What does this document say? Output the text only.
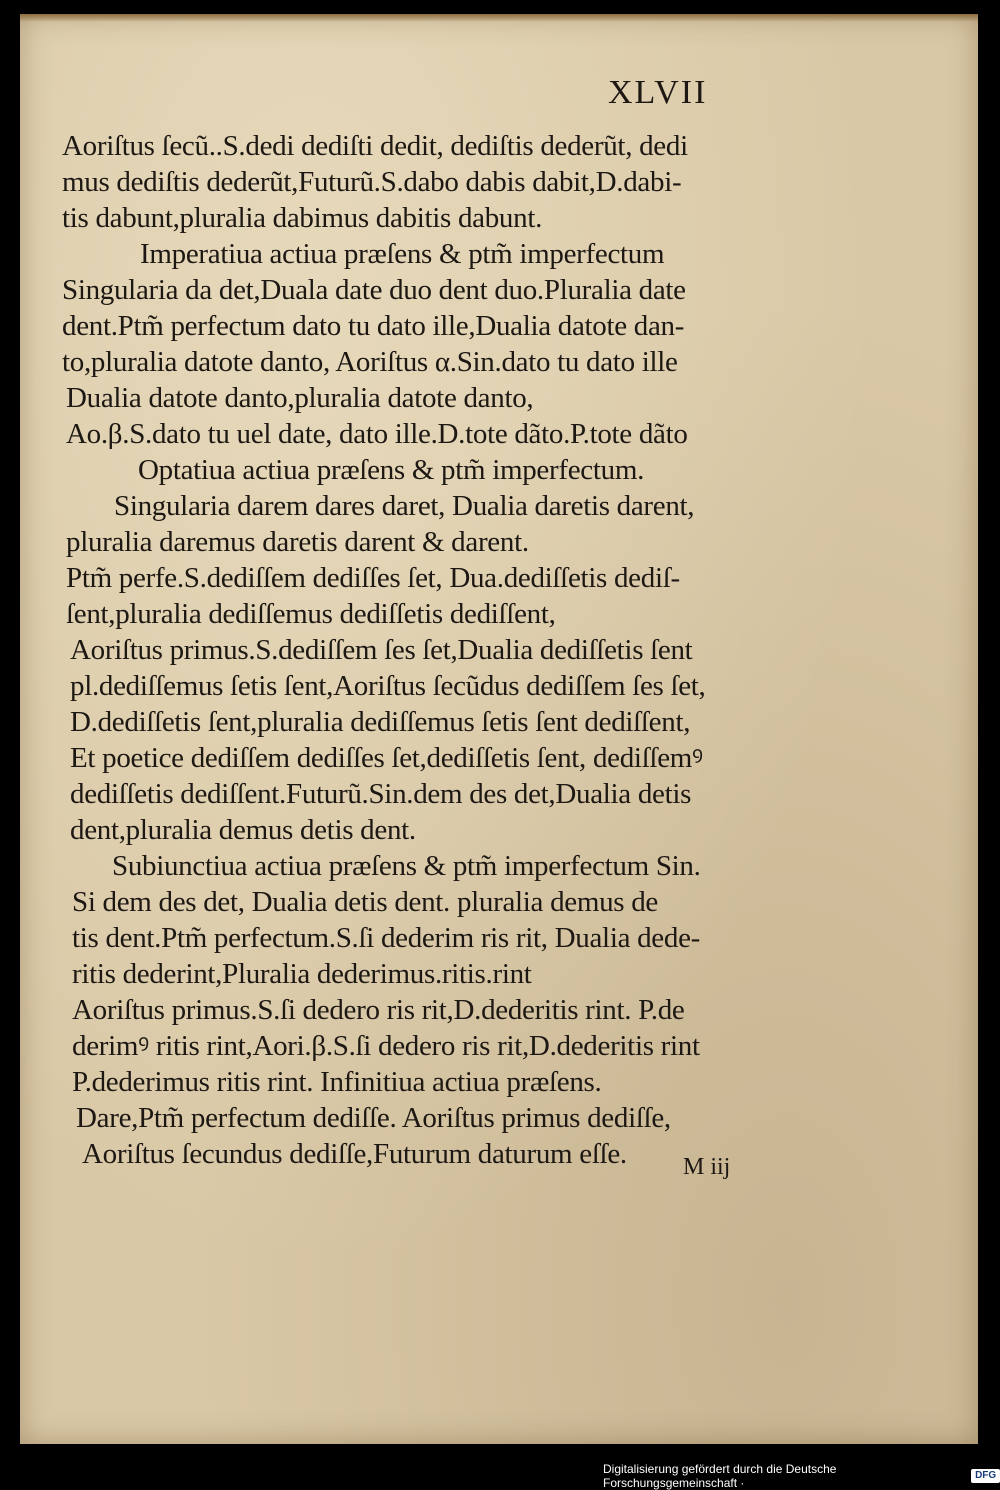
XLVII
Aoriſtus ſecũ..S.dedi dediſti dedit, dediſtis dederũt, dedi
mus dediſtis dederũt,Futurũ.S.dabo dabis dabit,D.dabi-
tis dabunt,pluralia dabimus dabitis dabunt.
Imperatiua actiua præſens & ptm̃ imperfectum
Singularia da det,Duala date duo dent duo.Pluralia date
dent.Ptm̃ perfectum dato tu dato ille,Dualia datote dan-
to,pluralia datote danto, Aoriſtus α.Sin.dato tu dato ille
Dualia datote danto,pluralia datote danto,
Ao.β.S.dato tu uel date, dato ille.D.tote dãto.P.tote dãto
Optatiua actiua præſens & ptm̃ imperfectum.
Singularia darem dares daret, Dualia daretis darent,
pluralia daremus daretis darent & darent.
Ptm̃ perfe.S.dediſſem dediſſes ſet, Dua.dediſſetis dediſ-
ſent,pluralia dediſſemus dediſſetis dediſſent,
Aoriſtus primus.S.dediſſem ſes ſet,Dualia dediſſetis ſent
pl.dediſſemus ſetis ſent,Aoriſtus ſecũdus dediſſem ſes ſet,
D.dediſſetis ſent,pluralia dediſſemus ſetis ſent dediſſent,
Et poetice dediſſem dediſſes ſet,dediſſetis ſent, dediſſemꝰ
dediſſetis dediſſent.Futurũ.Sin.dem des det,Dualia detis
dent,pluralia demus detis dent.
Subiunctiua actiua præſens & ptm̃ imperfectum Sin.
Si dem des det, Dualia detis dent. pluralia demus de
tis dent.Ptm̃ perfectum.S.ſi dederim ris rit, Dualia dede-
ritis dederint,Pluralia dederimus.ritis.rint
Aoriſtus primus.S.ſi dedero ris rit,D.dederitis rint. P.de
derimꝰ ritis rint,Aori.β.S.ſi dedero ris rit,D.dederitis rint
P.dederimus ritis rint. Infinitiua actiua præſens.
Dare,Ptm̃ perfectum dediſſe. Aoriſtus primus dediſſe,
Aoriſtus ſecundus dediſſe,Futurum daturum eſſe. M iij
Digitalisierung gefördert durch die Deutsche Forschungsgemeinschaft ·
DFG
